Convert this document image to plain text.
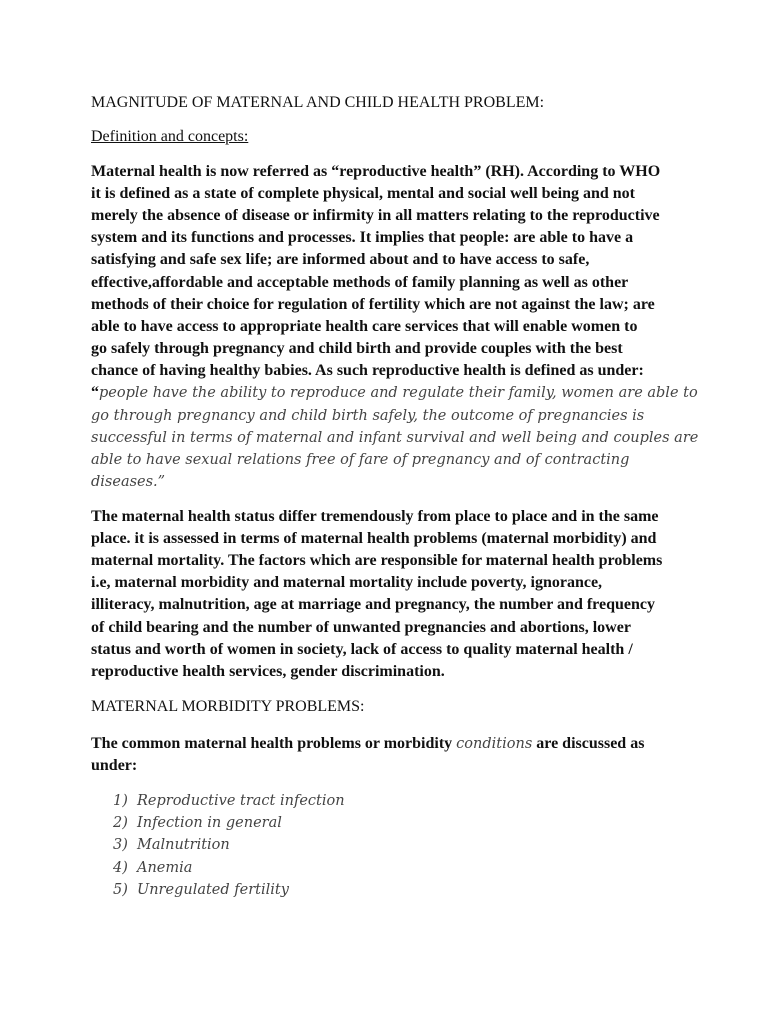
MAGNITUDE OF MATERNAL AND CHILD HEALTH PROBLEM:

Definition and concepts:

Maternal health is now referred as “reproductive health” (RH). According to WHO

it is defined as a state of complete physical, mental and social well being and not

merely the absence of disease or infirmity in all matters relating to the reproductive

system and its functions and processes. It implies that people: are able to have a

satisfying and safe sex life; are informed about and to have access to safe,

effective,affordable and acceptable methods of family planning as well as other

methods of their choice for regulation of fertility which are not against the law; are

able to have access to appropriate health care services that will enable women to

go safely through pregnancy and child birth and provide couples with the best

chance of having healthy babies. As such reproductive health is defined as under:

“people have the ability to reproduce and regulate their family, women are able to

go through pregnancy and child birth safely, the outcome of pregnancies is

successful in terms of maternal and infant survival and well being and couples are

able to have sexual relations free of fare of pregnancy and of contracting

diseases.”

The maternal health status differ tremendously from place to place and in the same

place. it is assessed in terms of maternal health problems (maternal morbidity) and

maternal mortality. The factors which are responsible for maternal health problems

i.e, maternal morbidity and maternal mortality include poverty, ignorance,

illiteracy, malnutrition, age at marriage and pregnancy, the number and frequency

of child bearing and the number of unwanted pregnancies and abortions, lower

status and worth of women in society, lack of access to quality maternal health /

reproductive health services, gender discrimination.

MATERNAL MORBIDITY PROBLEMS:

The common maternal health problems or morbidity conditions are discussed as

under:

1) Reproductive tract infection

2) Infection in general

3) Malnutrition

4) Anemia

5) Unregulated fertility
